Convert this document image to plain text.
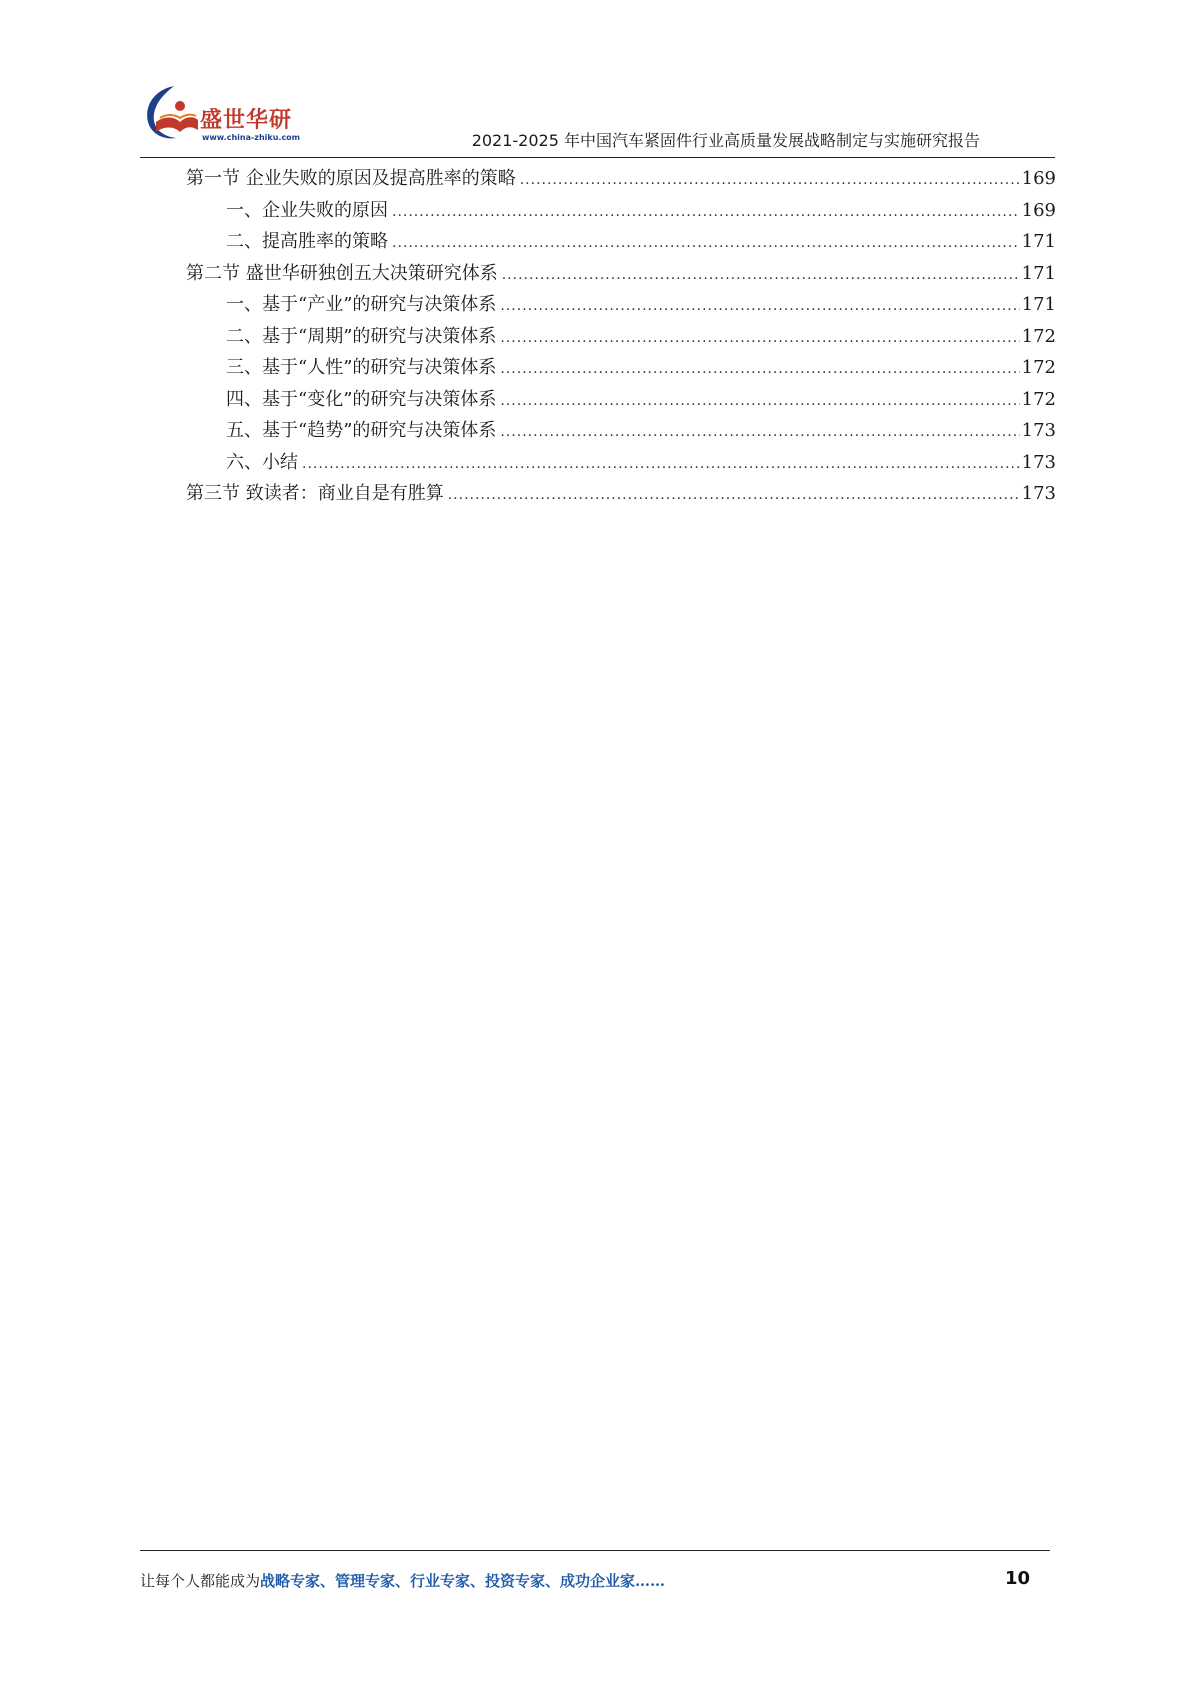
盛世华研
www.china-zhiku.com	2021-2025 年中国汽车紧固件行业高质量发展战略制定与实施研究报告
第一节 企业失败的原因及提高胜率的策略 .....	169
一、企业失败的原因 .....	169
二、提高胜率的策略 .....	171
第二节 盛世华研独创五大决策研究体系 .....	171
一、基于“产业”的研究与决策体系 .....	171
二、基于“周期”的研究与决策体系 .....	172
三、基于“人性”的研究与决策体系 .....	172
四、基于“变化”的研究与决策体系 .....	172
五、基于“趋势”的研究与决策体系 .....	173
六、小结 .....	173
第三节 致读者：商业自是有胜算 .....	173
让每个人都能成为战略专家、管理专家、行业专家、投资专家、成功企业家……	10
